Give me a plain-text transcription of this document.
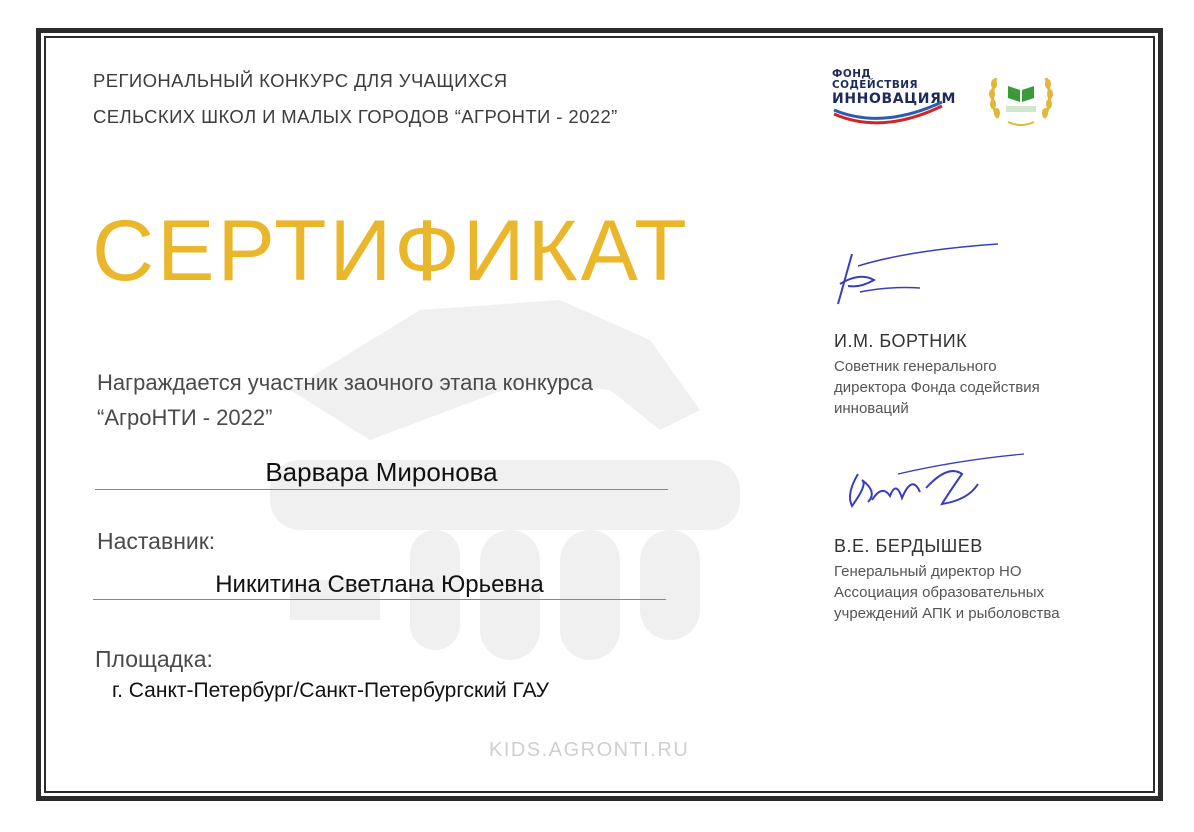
РЕГИОНАЛЬНЫЙ КОНКУРС ДЛЯ УЧАЩИХСЯ
СЕЛЬСКИХ ШКОЛ И МАЛЫХ ГОРОДОВ “АГРОНТИ - 2022”
ФОНД СОДЕЙСТВИЯ
ИННОВАЦИЯМ
СЕРТИФИКАТ
Награждается участник заочного этапа конкурса
“АгроНТИ - 2022”
Варвара Миронова
Наставник:
Никитина Светлана Юрьевна
Площадка:
г. Санкт-Петербург/Санкт-Петербургский ГАУ
KIDS.AGRONTI.RU
И.М. БОРТНИК
Советник генерального
директора Фонда содействия
инноваций
В.Е. БЕРДЫШЕВ
Генеральный директор НО
Ассоциация образовательных
учреждений АПК и рыболовства
